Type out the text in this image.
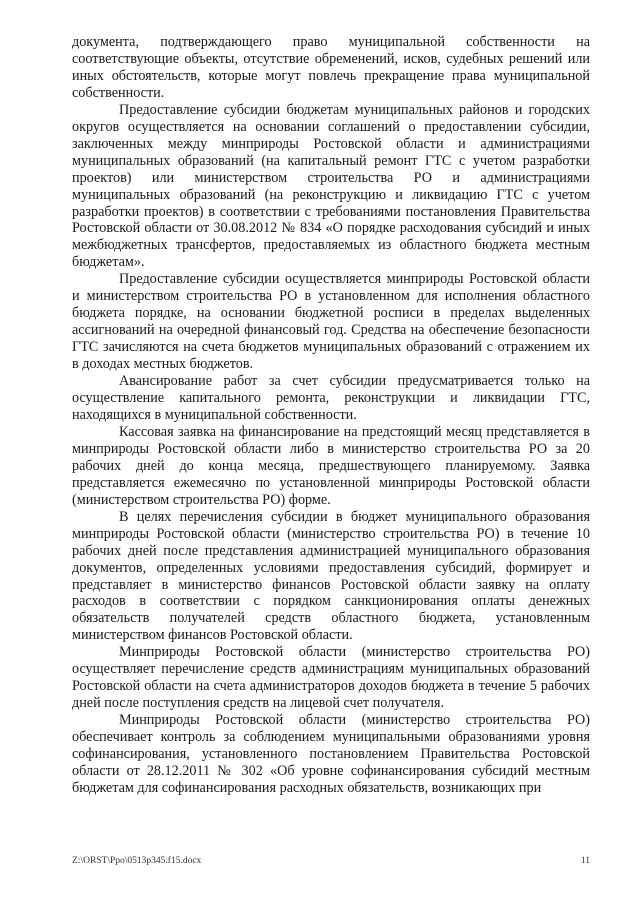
документа, подтверждающего право муниципальной собственности на соответствующие объекты, отсутствие обременений, исков, судебных решений или иных обстоятельств, которые могут повлечь прекращение права муниципальной собственности.

Предоставление субсидии бюджетам муниципальных районов и городских округов осуществляется на основании соглашений о предоставлении субсидии, заключенных между минприроды Ростовской области и администрациями муниципальных образований (на капитальный ремонт ГТС с учетом разработки проектов) или министерством строительства РО и администрациями муниципальных образований (на реконструкцию и ликвидацию ГТС с учетом разработки проектов) в соответствии с требованиями постановления Правительства Ростовской области от 30.08.2012 № 834 «О порядке расходования субсидий и иных межбюджетных трансфертов, предоставляемых из областного бюджета местным бюджетам».

Предоставление субсидии осуществляется минприроды Ростовской области и министерством строительства РО в установленном для исполнения областного бюджета порядке, на основании бюджетной росписи в пределах выделенных ассигнований на очередной финансовый год. Средства на обеспечение безопасности ГТС зачисляются на счета бюджетов муниципальных образований с отражением их в доходах местных бюджетов.

Авансирование работ за счет субсидии предусматривается только на осуществление капитального ремонта, реконструкции и ликвидации ГТС, находящихся в муниципальной собственности.

Кассовая заявка на финансирование на предстоящий месяц представляется в минприроды Ростовской области либо в министерство строительства РО за 20 рабочих дней до конца месяца, предшествующего планируемому. Заявка представляется ежемесячно по установленной минприроды Ростовской области (министерством строительства РО) форме.

В целях перечисления субсидии в бюджет муниципального образования минприроды Ростовской области (министерство строительства РО) в течение 10 рабочих дней после представления администрацией муниципального образования документов, определенных условиями предоставления субсидий, формирует и представляет в министерство финансов Ростовской области заявку на оплату расходов в соответствии с порядком санкционирования оплаты денежных обязательств получателей средств областного бюджета, установленным министерством финансов Ростовской области.

Минприроды Ростовской области (министерство строительства РО) осуществляет перечисление средств администрациям муниципальных образований Ростовской области на счета администраторов доходов бюджета в течение 5 рабочих дней после поступления средств на лицевой счет получателя.

Минприроды Ростовской области (министерство строительства РО) обеспечивает контроль за соблюдением муниципальными образованиями уровня софинансирования, установленного постановлением Правительства Ростовской области от 28.12.2011 № 302 «Об уровне софинансирования субсидий местным бюджетам для софинансирования расходных обязательств, возникающих при

Z:\ORST\Ppo\0513p345.f15.docx	11
